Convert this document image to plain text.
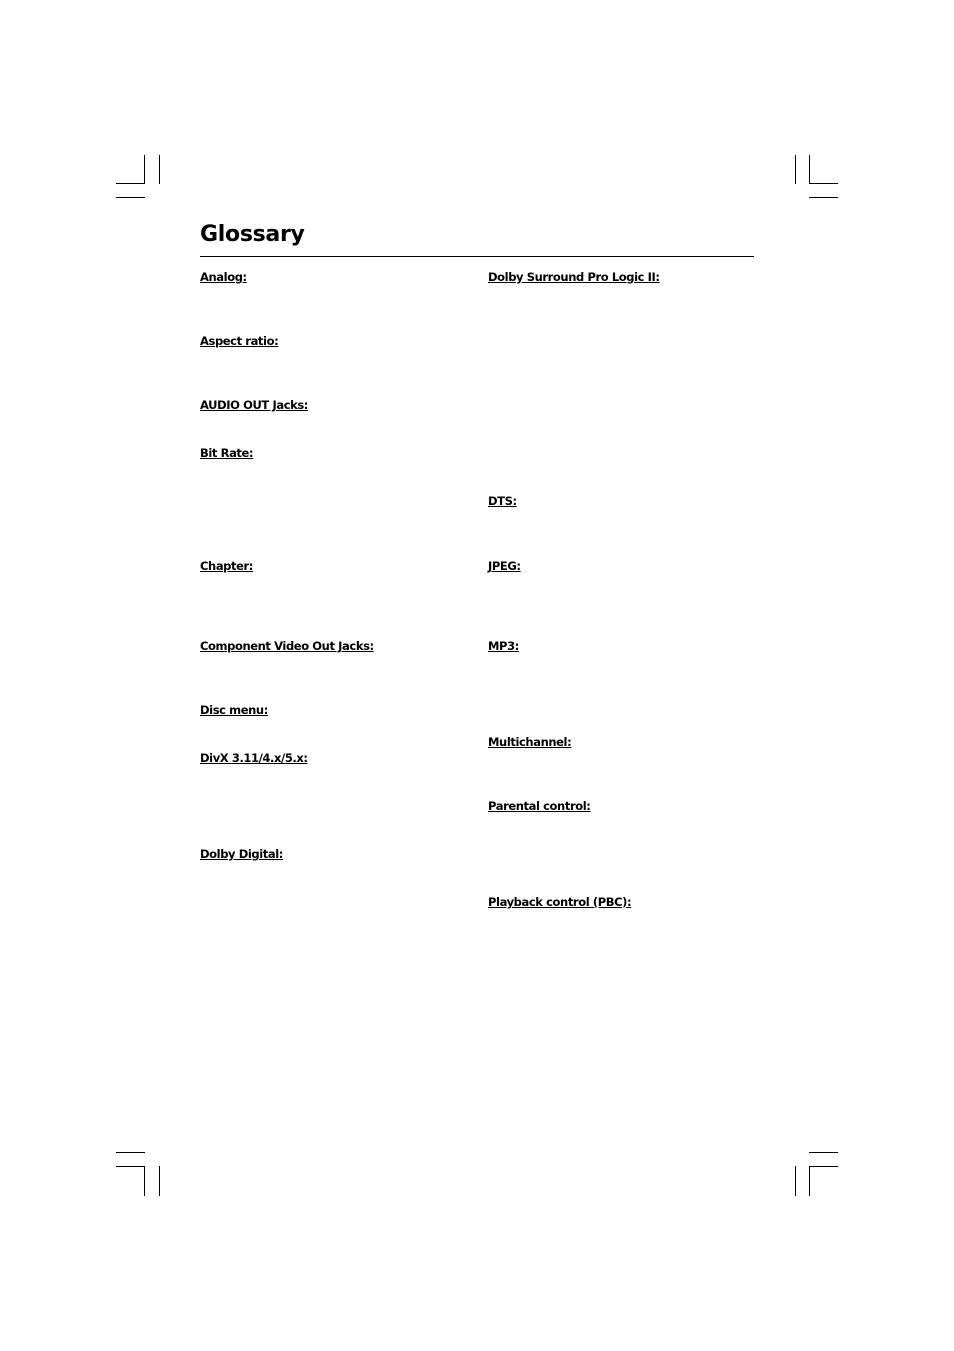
Glossary

Analog:

Aspect ratio:

AUDIO OUT Jacks:

Bit Rate:

Chapter:

Component Video Out Jacks:

Disc menu:

DivX 3.11/4.x/5.x:

Dolby Digital:

Dolby Surround Pro Logic II:

DTS:

JPEG:

MP3:

Multichannel:

Parental control:

Playback control (PBC):
